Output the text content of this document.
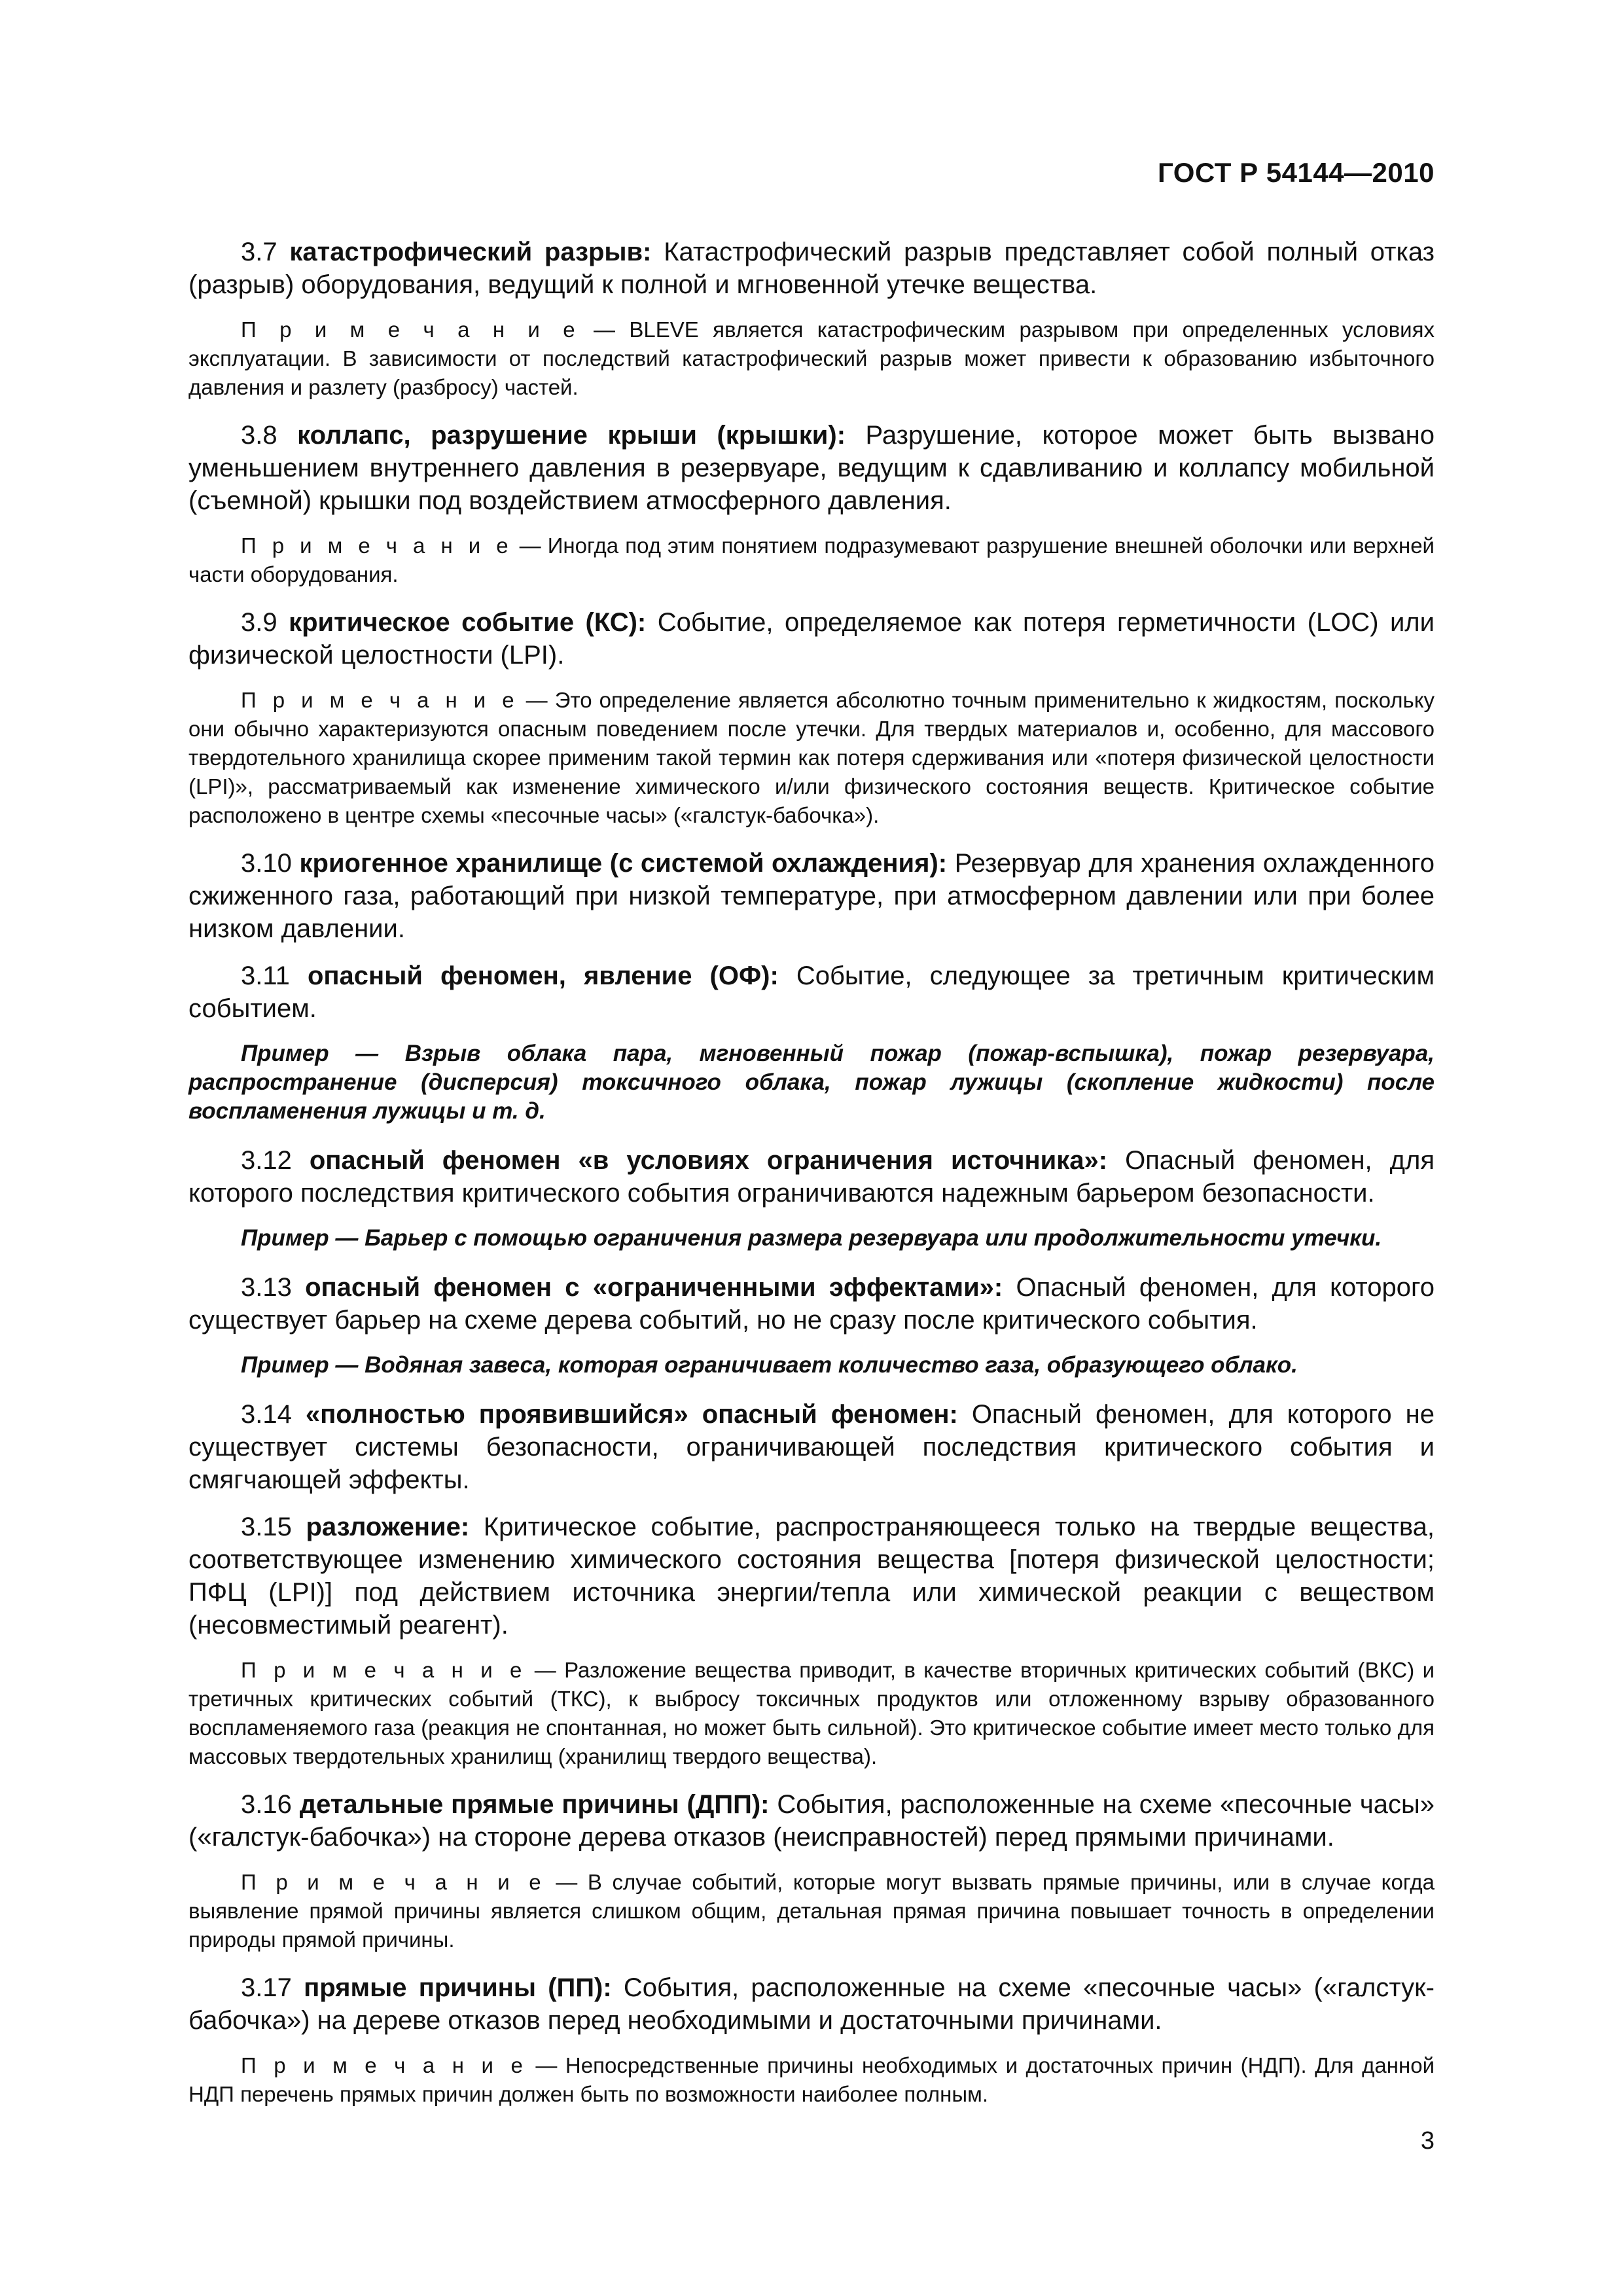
ГОСТ Р 54144—2010

3.7 катастрофический разрыв: Катастрофический разрыв представляет собой полный отказ (разрыв) оборудования, ведущий к полной и мгновенной утечке вещества.

П р и м е ч а н и е — BLEVE является катастрофическим разрывом при определенных условиях эксплуатации. В зависимости от последствий катастрофический разрыв может привести к образованию избыточного давления и разлету (разбросу) частей.

3.8 коллапс, разрушение крыши (крышки): Разрушение, которое может быть вызвано уменьшением внутреннего давления в резервуаре, ведущим к сдавливанию и коллапсу мобильной (съемной) крышки под воздействием атмосферного давления.

П р и м е ч а н и е — Иногда под этим понятием подразумевают разрушение внешней оболочки или верхней части оборудования.

3.9 критическое событие (КС): Событие, определяемое как потеря герметичности (LOC) или физической целостности (LPI).

П р и м е ч а н и е — Это определение является абсолютно точным применительно к жидкостям, поскольку они обычно характеризуются опасным поведением после утечки. Для твердых материалов и, особенно, для массового твердотельного хранилища скорее применим такой термин как потеря сдерживания или «потеря физической целостности (LPI)», рассматриваемый как изменение химического и/или физического состояния веществ. Критическое событие расположено в центре схемы «песочные часы» («галстук-бабочка»).

3.10 криогенное хранилище (с системой охлаждения): Резервуар для хранения охлажденного сжиженного газа, работающий при низкой температуре, при атмосферном давлении или при более низком давлении.

3.11 опасный феномен, явление (ОФ): Событие, следующее за третичным критическим событием.

Пример — Взрыв облака пара, мгновенный пожар (пожар-вспышка), пожар резервуара, распространение (дисперсия) токсичного облака, пожар лужицы (скопление жидкости) после воспламенения лужицы и т. д.

3.12 опасный феномен «в условиях ограничения источника»: Опасный феномен, для которого последствия критического события ограничиваются надежным барьером безопасности.

Пример — Барьер с помощью ограничения размера резервуара или продолжительности утечки.

3.13 опасный феномен с «ограниченными эффектами»: Опасный феномен, для которого существует барьер на схеме дерева событий, но не сразу после критического события.

Пример — Водяная завеса, которая ограничивает количество газа, образующего облако.

3.14 «полностью проявившийся» опасный феномен: Опасный феномен, для которого не существует системы безопасности, ограничивающей последствия критического события и смягчающей эффекты.

3.15 разложение: Критическое событие, распространяющееся только на твердые вещества, соответствующее изменению химического состояния вещества [потеря физической целостности; ПФЦ (LPI)] под действием источника энергии/тепла или химической реакции с веществом (несовместимый реагент).

П р и м е ч а н и е — Разложение вещества приводит, в качестве вторичных критических событий (ВКС) и третичных критических событий (ТКС), к выбросу токсичных продуктов или отложенному взрыву образованного воспламеняемого газа (реакция не спонтанная, но может быть сильной). Это критическое событие имеет место только для массовых твердотельных хранилищ (хранилищ твердого вещества).

3.16 детальные прямые причины (ДПП): События, расположенные на схеме «песочные часы» («галстук-бабочка») на стороне дерева отказов (неисправностей) перед прямыми причинами.

П р и м е ч а н и е — В случае событий, которые могут вызвать прямые причины, или в случае когда выявление прямой причины является слишком общим, детальная прямая причина повышает точность в определении природы прямой причины.

3.17 прямые причины (ПП): События, расположенные на схеме «песочные часы» («галстук-бабочка») на дереве отказов перед необходимыми и достаточными причинами.

П р и м е ч а н и е — Непосредственные причины необходимых и достаточных причин (НДП). Для данной НДП перечень прямых причин должен быть по возможности наиболее полным.

3
